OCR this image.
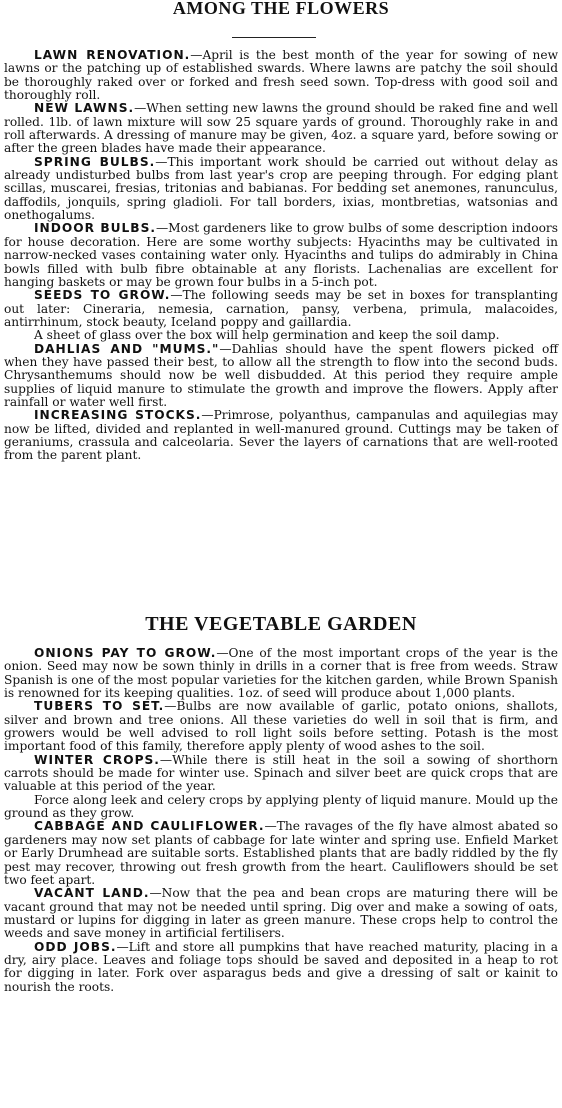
AMONG THE FLOWERS

LAWN RENOVATION.—April is the best month of the year for sowing of new lawns or the patching up of established swards. Where lawns are patchy the soil should be thoroughly raked over or forked and fresh seed sown. Top-dress with good soil and thoroughly roll.

NEW LAWNS.—When setting new lawns the ground should be raked fine and well rolled. 1lb. of lawn mixture will sow 25 square yards of ground. Thoroughly rake in and roll afterwards. A dressing of manure may be given, 4oz. a square yard, before sowing or after the green blades have made their appearance.

SPRING BULBS.—This important work should be carried out without delay as already undisturbed bulbs from last year's crop are peeping through. For edging plant scillas, muscarei, fresias, tritonias and babianas. For bedding set anemones, ranunculus, daffodils, jonquils, spring gladioli. For tall borders, ixias, montbretias, watsonias and onethogalums.

INDOOR BULBS.—Most gardeners like to grow bulbs of some description indoors for house decoration. Here are some worthy subjects: Hyacinths may be cultivated in narrow-necked vases containing water only. Hyacinths and tulips do admirably in China bowls filled with bulb fibre obtainable at any florists. Lachenalias are excellent for hanging baskets or may be grown four bulbs in a 5-inch pot.

SEEDS TO GROW.—The following seeds may be set in boxes for transplanting out later: Cineraria, nemesia, carnation, pansy, verbena, primula, malacoides, antirrhinum, stock beauty, Iceland poppy and gaillardia.

A sheet of glass over the box will help germination and keep the soil damp.

DAHLIAS AND "MUMS."—Dahlias should have the spent flowers picked off when they have passed their best, to allow all the strength to flow into the second buds. Chrysanthemums should now be well disbudded. At this period they require ample supplies of liquid manure to stimulate the growth and improve the flowers. Apply after rainfall or water well first.

INCREASING STOCKS.—Primrose, polyanthus, campanulas and aquilegias may now be lifted, divided and replanted in well-manured ground. Cuttings may be taken of geraniums, crassula and calceolaria. Sever the layers of carnations that are well-rooted from the parent plant.

THE VEGETABLE GARDEN

ONIONS PAY TO GROW.—One of the most important crops of the year is the onion. Seed may now be sown thinly in drills in a corner that is free from weeds. Straw Spanish is one of the most popular varieties for the kitchen garden, while Brown Spanish is renowned for its keeping qualities. 1oz. of seed will produce about 1,000 plants.

TUBERS TO SET.—Bulbs are now available of garlic, potato onions, shallots, silver and brown and tree onions. All these varieties do well in soil that is firm, and growers would be well advised to roll light soils before setting. Potash is the most important food of this family, therefore apply plenty of wood ashes to the soil.

WINTER CROPS.—While there is still heat in the soil a sowing of shorthorn carrots should be made for winter use. Spinach and silver beet are quick crops that are valuable at this period of the year.

Force along leek and celery crops by applying plenty of liquid manure. Mould up the ground as they grow.

CABBAGE AND CAULIFLOWER.—The ravages of the fly have almost abated so gardeners may now set plants of cabbage for late winter and spring use. Enfield Market or Early Drumhead are suitable sorts. Established plants that are badly riddled by the fly pest may recover, throwing out fresh growth from the heart. Cauliflowers should be set two feet apart.

VACANT LAND.—Now that the pea and bean crops are maturing there will be vacant ground that may not be needed until spring. Dig over and make a sowing of oats, mustard or lupins for digging in later as green manure. These crops help to control the weeds and save money in artificial fertilisers.

ODD JOBS.—Lift and store all pumpkins that have reached maturity, placing in a dry, airy place. Leaves and foliage tops should be saved and deposited in a heap to rot for digging in later. Fork over asparagus beds and give a dressing of salt or kainit to nourish the roots.
